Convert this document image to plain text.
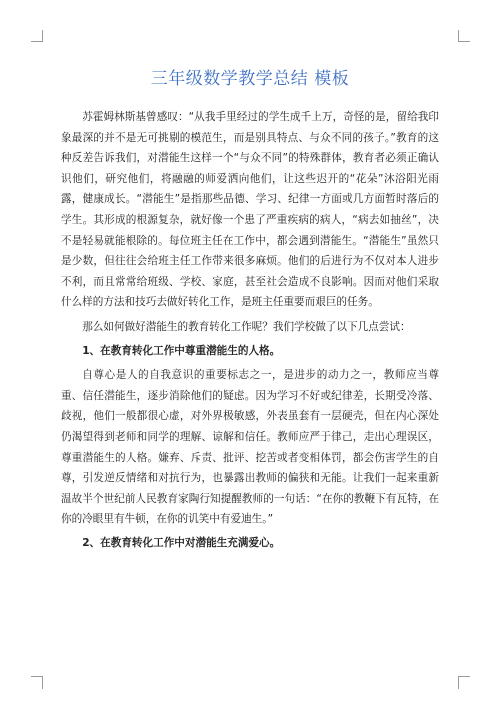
三年级数学教学总结 模板

苏霍姆林斯基曾感叹：“从我手里经过的学生成千上万，奇怪的是，留给我印象最深的并不是无可挑剔的模范生，而是别具特点、与众不同的孩子。”教育的这种反差告诉我们，对潜能生这样一个“与众不同”的特殊群体，教育者必须正确认识他们，研究他们，将融融的师爱洒向他们，让这些迟开的“花朵”沐浴阳光雨露，健康成长。“潜能生”是指那些品德、学习、纪律一方面或几方面暂时落后的学生。其形成的根源复杂，就好像一个患了严重疾病的病人，“病去如抽丝”，决不是轻易就能根除的。每位班主任在工作中，都会遇到潜能生。“潜能生”虽然只是少数，但往往会给班主任工作带来很多麻烦。他们的后进行为不仅对本人进步不利，而且常常给班级、学校、家庭，甚至社会造成不良影响。因而对他们采取什么样的方法和技巧去做好转化工作，是班主任重要而艰巨的任务。

那么如何做好潜能生的教育转化工作呢？我们学校做了以下几点尝试：

1、在教育转化工作中尊重潜能生的人格。

自尊心是人的自我意识的重要标志之一，是进步的动力之一，教师应当尊重、信任潜能生，逐步消除他们的疑虑。因为学习不好或纪律差，长期受冷落、歧视，他们一般都很心虚，对外界极敏感，外表虽套有一层硬壳，但在内心深处仍渴望得到老师和同学的理解、谅解和信任。教师应严于律己，走出心理误区，尊重潜能生的人格。嫌弃、斥责、批评、挖苦或者变相体罚，都会伤害学生的自尊，引发逆反情绪和对抗行为，也暴露出教师的偏狭和无能。让我们一起来重新温故半个世纪前人民教育家陶行知提醒教师的一句话：“在你的教鞭下有瓦特，在你的冷眼里有牛顿，在你的讥笑中有爱迪生。”

2、在教育转化工作中对潜能生充满爱心。
